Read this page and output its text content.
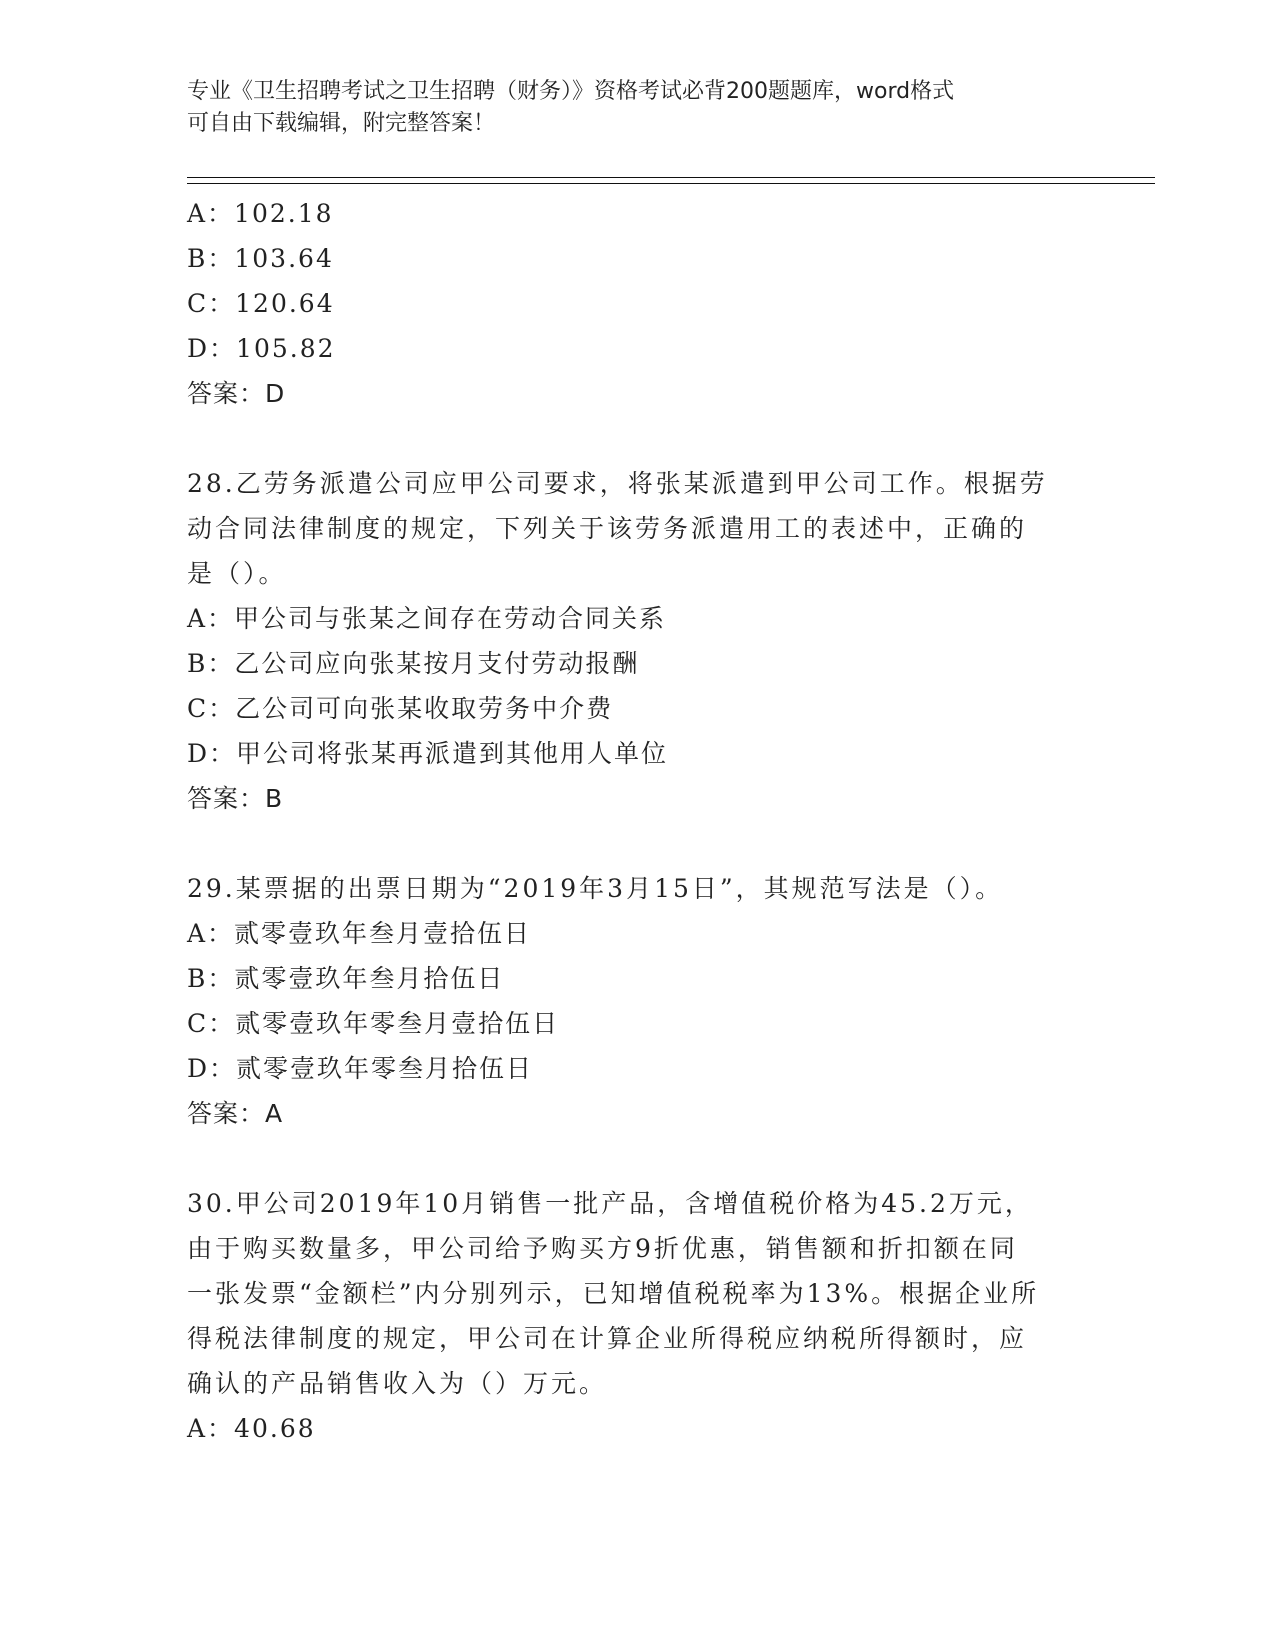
专业《卫生招聘考试之卫生招聘（财务）》资格考试必背200题题库，word格式
可自由下载编辑，附完整答案！
A：102.18
B：103.64
C：120.64
D：105.82
答案：D
28.乙劳务派遣公司应甲公司要求，将张某派遣到甲公司工作。根据劳
动合同法律制度的规定，下列关于该劳务派遣用工的表述中，正确的
是（）。
A：甲公司与张某之间存在劳动合同关系
B：乙公司应向张某按月支付劳动报酬
C：乙公司可向张某收取劳务中介费
D：甲公司将张某再派遣到其他用人单位
答案：B
29.某票据的出票日期为“2019年3月15日”，其规范写法是（）。
A：贰零壹玖年叁月壹拾伍日
B：贰零壹玖年叁月拾伍日
C：贰零壹玖年零叁月壹拾伍日
D：贰零壹玖年零叁月拾伍日
答案：A
30.甲公司2019年10月销售一批产品，含增值税价格为45.2万元，
由于购买数量多，甲公司给予购买方9折优惠，销售额和折扣额在同
一张发票“金额栏”内分别列示，已知增值税税率为13%。根据企业所
得税法律制度的规定，甲公司在计算企业所得税应纳税所得额时，应
确认的产品销售收入为（）万元。
A：40.68
